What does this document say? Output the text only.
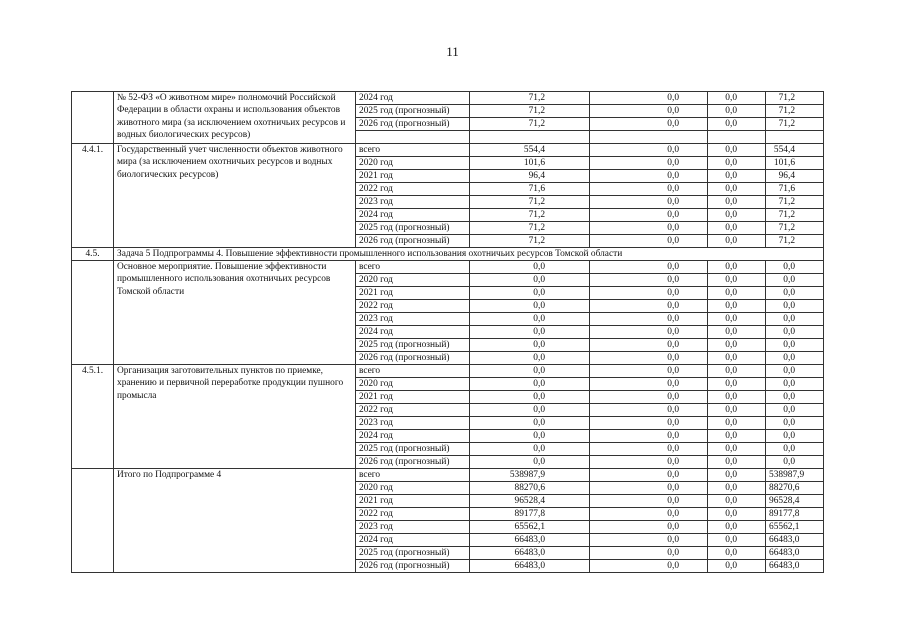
11
	№ 52-ФЗ «О животном мире» полномочий Российской Федерации в области охраны и использования объектов животного мира (за исключением охотничьих ресурсов и водных биологических ресурсов)	2024 год	71,2	0,0	0,0	71,2
		2025 год (прогнозный)	71,2	0,0	0,0	71,2
		2026 год (прогнозный)	71,2	0,0	0,0	71,2

4.4.1.	Государственный учет численности объектов животного мира (за исключением охотничьих ресурсов и водных биологических ресурсов)	всего	554,4	0,0	0,0	554,4
		2020 год	101,6	0,0	0,0	101,6
		2021 год	96,4	0,0	0,0	96,4
		2022 год	71,6	0,0	0,0	71,6
		2023 год	71,2	0,0	0,0	71,2
		2024 год	71,2	0,0	0,0	71,2
		2025 год (прогнозный)	71,2	0,0	0,0	71,2
		2026 год (прогнозный)	71,2	0,0	0,0	71,2
4.5.	Задача 5 Подпрограммы 4. Повышение эффективности промышленного использования охотничьих ресурсов Томской области					
	Основное мероприятие. Повышение эффективности промышленного использования охотничьих ресурсов Томской области	всего	0,0	0,0	0,0	0,0
		2020 год	0,0	0,0	0,0	0,0
		2021 год	0,0	0,0	0,0	0,0
		2022 год	0,0	0,0	0,0	0,0
		2023 год	0,0	0,0	0,0	0,0
		2024 год	0,0	0,0	0,0	0,0
		2025 год (прогнозный)	0,0	0,0	0,0	0,0
		2026 год (прогнозный)	0,0	0,0	0,0	0,0
4.5.1.	Организация заготовительных пунктов по приемке, хранению и первичной переработке продукции пушного промысла	всего	0,0	0,0	0,0	0,0
		2020 год	0,0	0,0	0,0	0,0
		2021 год	0,0	0,0	0,0	0,0
		2022 год	0,0	0,0	0,0	0,0
		2023 год	0,0	0,0	0,0	0,0
		2024 год	0,0	0,0	0,0	0,0
		2025 год (прогнозный)	0,0	0,0	0,0	0,0
		2026 год (прогнозный)	0,0	0,0	0,0	0,0
	Итого по Подпрограмме 4	всего	538987,9	0,0	0,0	538987,9
		2020 год	88270,6	0,0	0,0	88270,6
		2021 год	96528,4	0,0	0,0	96528,4
		2022 год	89177,8	0,0	0,0	89177,8
		2023 год	65562,1	0,0	0,0	65562,1
		2024 год	66483,0	0,0	0,0	66483,0
		2025 год (прогнозный)	66483,0	0,0	0,0	66483,0
		2026 год (прогнозный)	66483,0	0,0	0,0	66483,0
